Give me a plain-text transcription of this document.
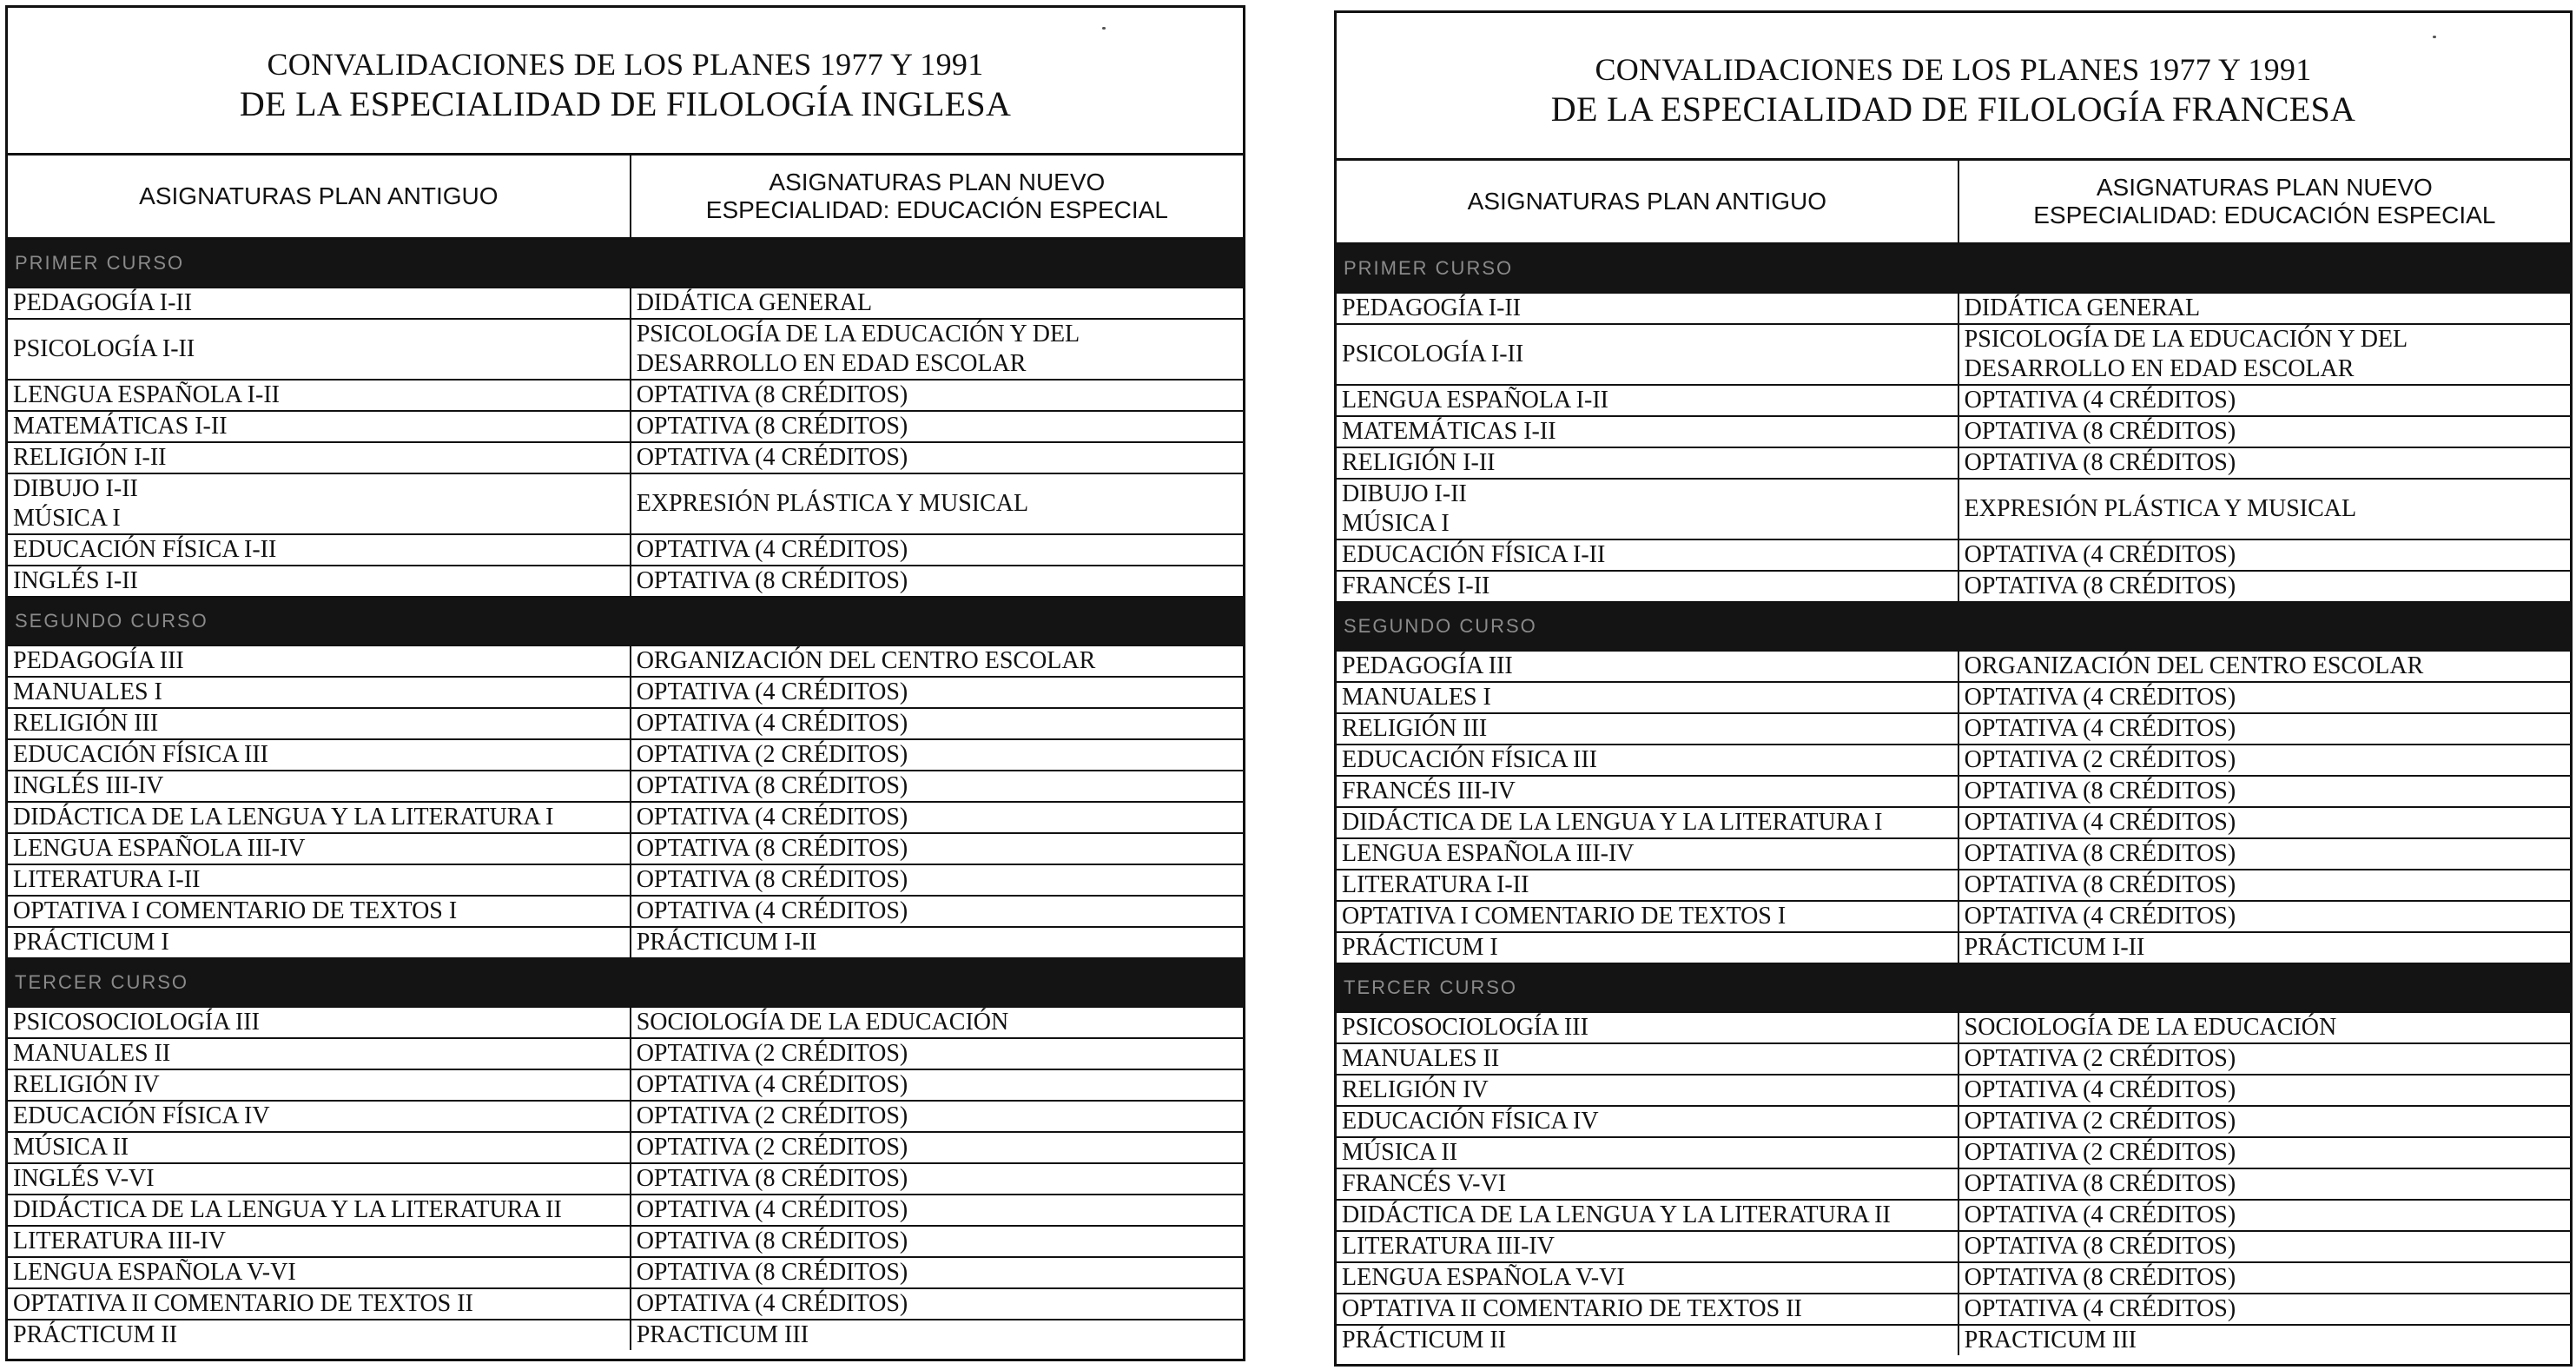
CONVALIDACIONES DE LOS PLANES 1977 Y 1991
DE LA ESPECIALIDAD DE FILOLOGÍA INGLESA
ASIGNATURAS PLAN ANTIGUO	ASIGNATURAS PLAN NUEVO
ESPECIALIDAD: EDUCACIÓN ESPECIAL

PRIMER CURSO	
PEDAGOGÍA I-II	DIDÁTICA GENERAL
PSICOLOGÍA I-II	PSICOLOGÍA DE LA EDUCACIÓN Y DEL DESARROLLO EN EDAD ESCOLAR
LENGUA ESPAÑOLA I-II	OPTATIVA (8 CRÉDITOS)
MATEMÁTICAS I-II	OPTATIVA (8 CRÉDITOS)
RELIGIÓN I-II	OPTATIVA (4 CRÉDITOS)
DIBUJO I-II
MÚSICA I	EXPRESIÓN PLÁSTICA Y MUSICAL
EDUCACIÓN FÍSICA I-II	OPTATIVA (4 CRÉDITOS)
INGLÉS I-II	OPTATIVA (8 CRÉDITOS)
SEGUNDO CURSO	
PEDAGOGÍA III	ORGANIZACIÓN DEL CENTRO ESCOLAR
MANUALES I	OPTATIVA (4 CRÉDITOS)
RELIGIÓN III	OPTATIVA (4 CRÉDITOS)
EDUCACIÓN FÍSICA III	OPTATIVA (2 CRÉDITOS)
INGLÉS III-IV	OPTATIVA (8 CRÉDITOS)
DIDÁCTICA DE LA LENGUA Y LA LITERATURA I	OPTATIVA (4 CRÉDITOS)
LENGUA ESPAÑOLA III-IV	OPTATIVA (8 CRÉDITOS)
LITERATURA I-II	OPTATIVA (8 CRÉDITOS)
OPTATIVA I COMENTARIO DE TEXTOS I	OPTATIVA (4 CRÉDITOS)
PRÁCTICUM I	PRÁCTICUM I-II
TERCER CURSO	
PSICOSOCIOLOGÍA III	SOCIOLOGÍA DE LA EDUCACIÓN
MANUALES II	OPTATIVA (2 CRÉDITOS)
RELIGIÓN IV	OPTATIVA (4 CRÉDITOS)
EDUCACIÓN FÍSICA IV	OPTATIVA (2 CRÉDITOS)
MÚSICA II	OPTATIVA (2 CRÉDITOS)
INGLÉS V-VI	OPTATIVA (8 CRÉDITOS)
DIDÁCTICA DE LA LENGUA Y LA LITERATURA II	OPTATIVA (4 CRÉDITOS)
LITERATURA III-IV	OPTATIVA (8 CRÉDITOS)
LENGUA ESPAÑOLA V-VI	OPTATIVA (8 CRÉDITOS)
OPTATIVA II COMENTARIO DE TEXTOS II	OPTATIVA (4 CRÉDITOS)
PRÁCTICUM II	PRACTICUM III
CONVALIDACIONES DE LOS PLANES 1977 Y 1991
DE LA ESPECIALIDAD DE FILOLOGÍA FRANCESA
ASIGNATURAS PLAN ANTIGUO	ASIGNATURAS PLAN NUEVO
ESPECIALIDAD: EDUCACIÓN ESPECIAL

PRIMER CURSO	
PEDAGOGÍA I-II	DIDÁTICA GENERAL
PSICOLOGÍA I-II	PSICOLOGÍA DE LA EDUCACIÓN Y DEL DESARROLLO EN EDAD ESCOLAR
LENGUA ESPAÑOLA I-II	OPTATIVA (4 CRÉDITOS)
MATEMÁTICAS I-II	OPTATIVA (8 CRÉDITOS)
RELIGIÓN I-II	OPTATIVA (8 CRÉDITOS)
DIBUJO I-II
MÚSICA I	EXPRESIÓN PLÁSTICA Y MUSICAL
EDUCACIÓN FÍSICA I-II	OPTATIVA (4 CRÉDITOS)
FRANCÉS I-II	OPTATIVA (8 CRÉDITOS)
SEGUNDO CURSO	
PEDAGOGÍA III	ORGANIZACIÓN DEL CENTRO ESCOLAR
MANUALES I	OPTATIVA (4 CRÉDITOS)
RELIGIÓN III	OPTATIVA (4 CRÉDITOS)
EDUCACIÓN FÍSICA III	OPTATIVA (2 CRÉDITOS)
FRANCÉS III-IV	OPTATIVA (8 CRÉDITOS)
DIDÁCTICA DE LA LENGUA Y LA LITERATURA I	OPTATIVA (4 CRÉDITOS)
LENGUA ESPAÑOLA III-IV	OPTATIVA (8 CRÉDITOS)
LITERATURA I-II	OPTATIVA (8 CRÉDITOS)
OPTATIVA I COMENTARIO DE TEXTOS I	OPTATIVA (4 CRÉDITOS)
PRÁCTICUM I	PRÁCTICUM I-II
TERCER CURSO	
PSICOSOCIOLOGÍA III	SOCIOLOGÍA DE LA EDUCACIÓN
MANUALES II	OPTATIVA (2 CRÉDITOS)
RELIGIÓN IV	OPTATIVA (4 CRÉDITOS)
EDUCACIÓN FÍSICA IV	OPTATIVA (2 CRÉDITOS)
MÚSICA II	OPTATIVA (2 CRÉDITOS)
FRANCÉS V-VI	OPTATIVA (8 CRÉDITOS)
DIDÁCTICA DE LA LENGUA Y LA LITERATURA II	OPTATIVA (4 CRÉDITOS)
LITERATURA III-IV	OPTATIVA (8 CRÉDITOS)
LENGUA ESPAÑOLA V-VI	OPTATIVA (8 CRÉDITOS)
OPTATIVA II COMENTARIO DE TEXTOS II	OPTATIVA (4 CRÉDITOS)
PRÁCTICUM II	PRACTICUM III
